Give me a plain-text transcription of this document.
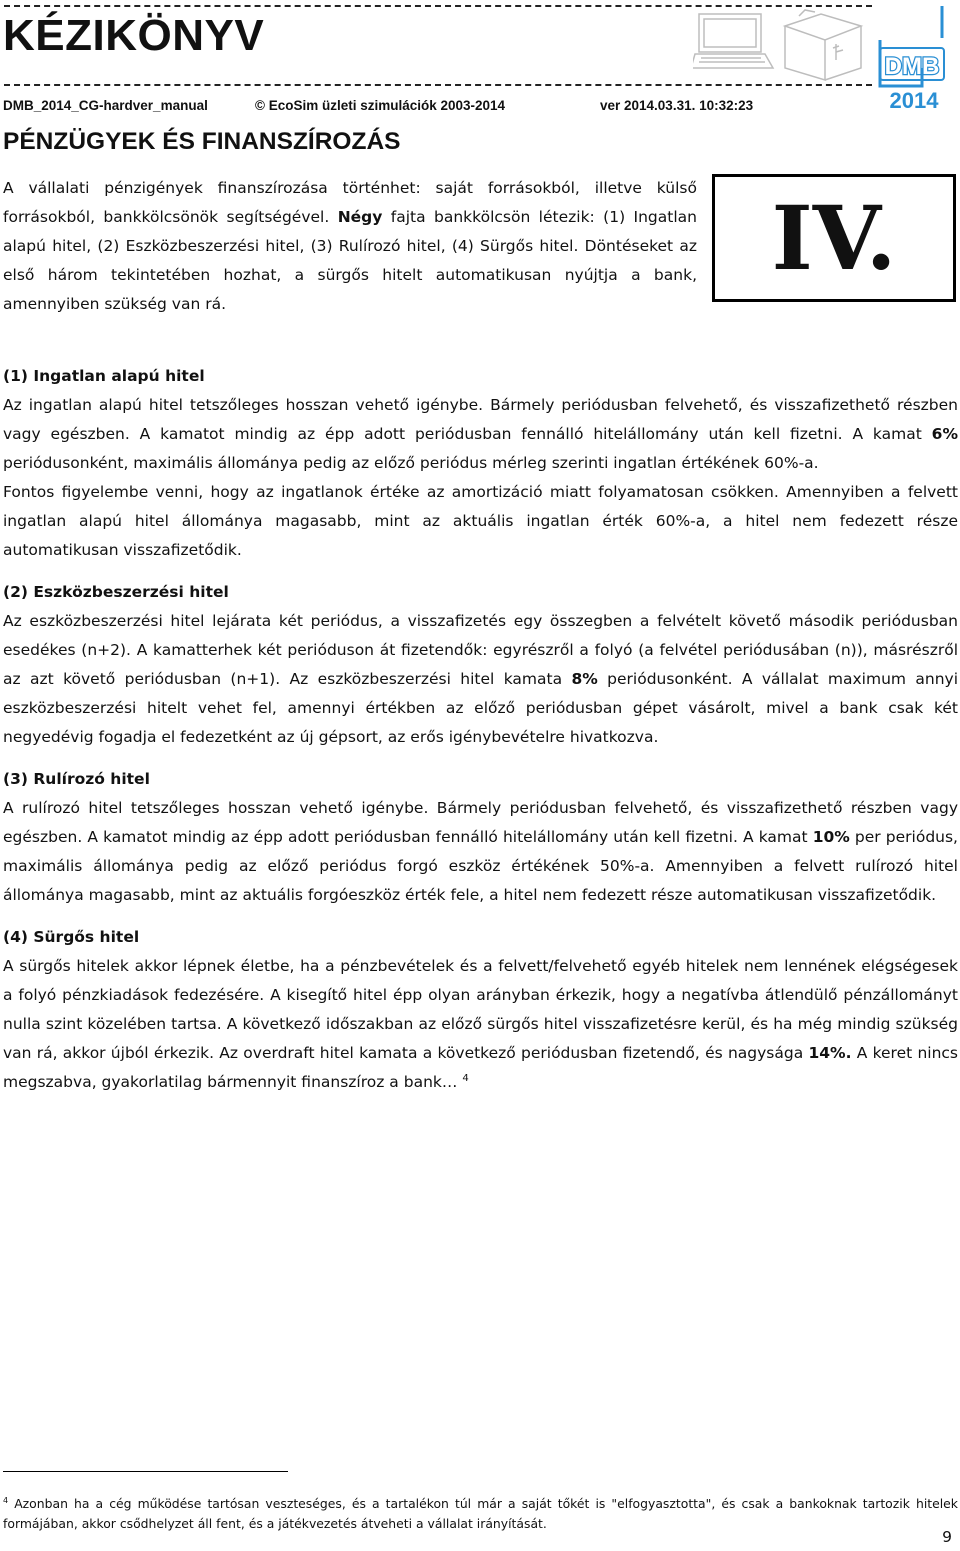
KÉZIKÖNYV
DMB
2014
DMB_2014_CG-hardver_manual	© EcoSim üzleti szimulációk 2003-2014	ver 2014.03.31. 10:32:23
PÉNZÜGYEK ÉS FINANSZÍROZÁS

A vállalati pénzigények finanszírozása történhet: saját forrásokból, illetve külső forrásokból, bankkölcsönök segítségével. Négy fajta bankkölcsön létezik: (1) Ingatlan alapú hitel, (2) Eszközbeszerzési hitel, (3) Rulírozó hitel, (4) Sürgős hitel. Döntéseket az első három tekintetében hozhat, a sürgős hitelt automatikusan nyújtja a bank, amennyiben szükség van rá.

IV.
(1) Ingatlan alapú hitel

Az ingatlan alapú hitel tetszőleges hosszan vehető igénybe. Bármely periódusban felvehető, és visszafizethető részben vagy egészben. A kamatot mindig az épp adott periódusban fennálló hitelállomány után kell fizetni. A kamat 6% periódusonként, maximális állománya pedig az előző periódus mérleg szerinti ingatlan értékének 60%-a.

Fontos figyelembe venni, hogy az ingatlanok értéke az amortizáció miatt folyamatosan csökken. Amennyiben a felvett ingatlan alapú hitel állománya magasabb, mint az aktuális ingatlan érték 60%-a, a hitel nem fedezett része automatikusan visszafizetődik.

(2) Eszközbeszerzési hitel

Az eszközbeszerzési hitel lejárata két periódus, a visszafizetés egy összegben a felvételt követő második periódusban esedékes (n+2). A kamatterhek két perióduson át fizetendők: egyrészről a folyó (a felvétel periódusában (n)), másrészről az azt követő periódusban (n+1). Az eszközbeszerzési hitel kamata 8% periódusonként. A vállalat maximum annyi eszközbeszerzési hitelt vehet fel, amennyi értékben az előző periódusban gépet vásárolt, mivel a bank csak két negyedévig fogadja el fedezetként az új gépsort, az erős igénybevételre hivatkozva.

(3) Rulírozó hitel

A rulírozó hitel tetszőleges hosszan vehető igénybe. Bármely periódusban felvehető, és visszafizethető részben vagy egészben. A kamatot mindig az épp adott periódusban fennálló hitelállomány után kell fizetni. A kamat 10% per periódus, maximális állománya pedig az előző periódus forgó eszköz értékének 50%-a. Amennyiben a felvett rulírozó hitel állománya magasabb, mint az aktuális forgóeszköz érték fele, a hitel nem fedezett része automatikusan visszafizetődik.

(4) Sürgős hitel

A sürgős hitelek akkor lépnek életbe, ha a pénzbevételek és a felvett/felvehető egyéb hitelek nem lennének elégségesek a folyó pénzkiadások fedezésére. A kisegítő hitel épp olyan arányban érkezik, hogy a negatívba átlendülő pénzállományt nulla szint közelében tartsa. A következő időszakban az előző sürgős hitel visszafizetésre kerül, és ha még mindig szükség van rá, akkor újból érkezik. Az overdraft hitel kamata a következő periódusban fizetendő, és nagysága 14%. A keret nincs megszabva, gyakorlatilag bármennyit finanszíroz a bank… $^4$

$^4$ Azonban ha a cég működése tartósan veszteséges, és a tartalékon túl már a saját tőkét is "elfogyasztotta", és csak a bankoknak tartozik hitelek formájában, akkor csődhelyzet áll fent, és a játékvezetés átveheti a vállalat irányítását.

9
